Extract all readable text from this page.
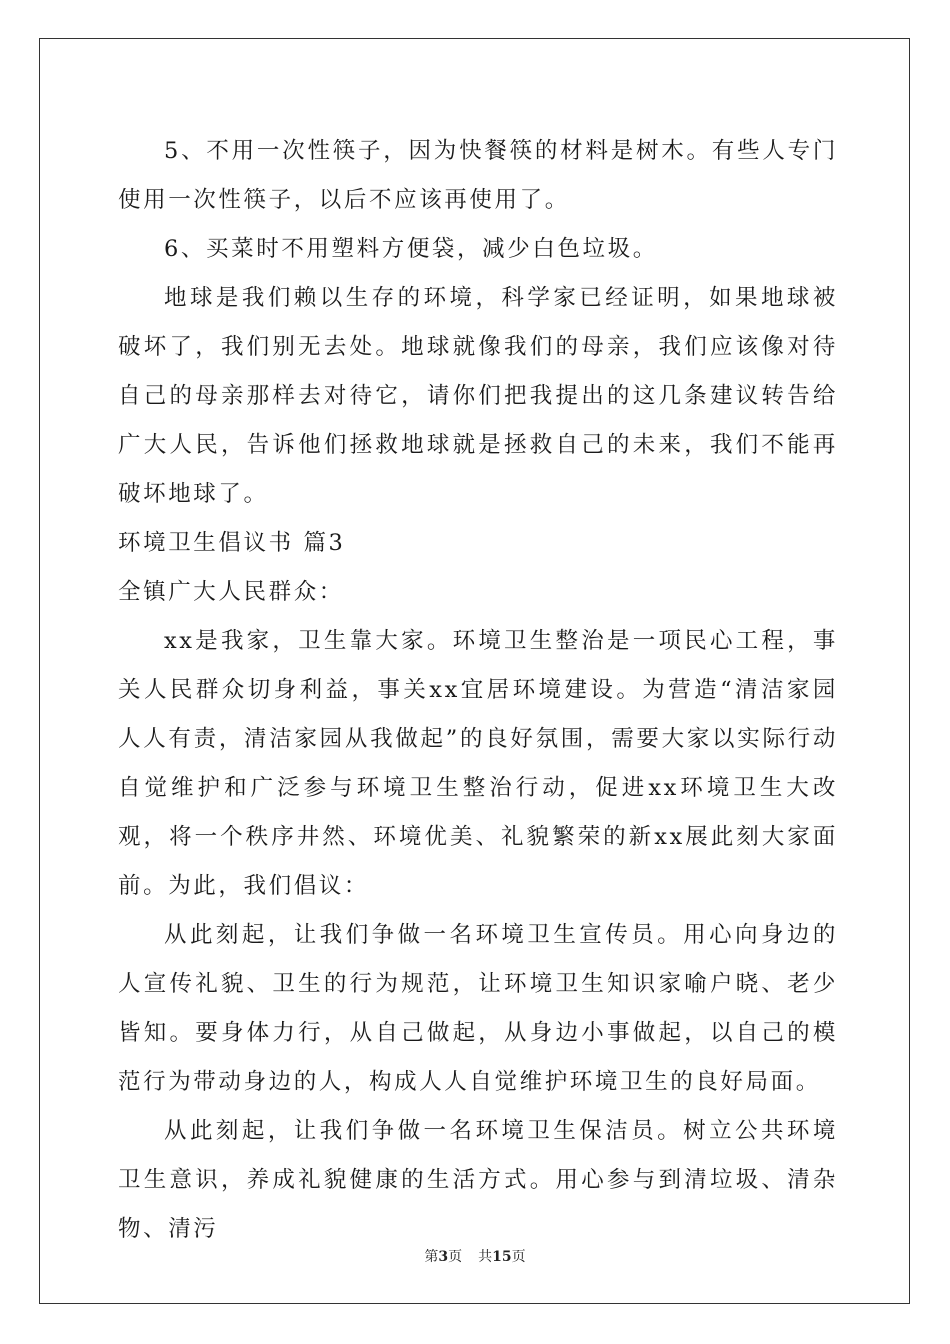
5、不用一次性筷子，因为快餐筷的材料是树木。有些人专门使用一次性筷子，以后不应该再使用了。

6、买菜时不用塑料方便袋，减少白色垃圾。

地球是我们赖以生存的环境，科学家已经证明，如果地球被破坏了，我们别无去处。地球就像我们的母亲，我们应该像对待自己的母亲那样去对待它，请你们把我提出的这几条建议转告给广大人民，告诉他们拯救地球就是拯救自己的未来，我们不能再破坏地球了。

环境卫生倡议书 篇3

全镇广大人民群众：

xx是我家，卫生靠大家。环境卫生整治是一项民心工程，事关人民群众切身利益，事关xx宜居环境建设。为营造“清洁家园人人有责，清洁家园从我做起”的良好氛围，需要大家以实际行动自觉维护和广泛参与环境卫生整治行动，促进xx环境卫生大改观，将一个秩序井然、环境优美、礼貌繁荣的新xx展此刻大家面前。为此，我们倡议：

从此刻起，让我们争做一名环境卫生宣传员。用心向身边的人宣传礼貌、卫生的行为规范，让环境卫生知识家喻户晓、老少皆知。要身体力行，从自己做起，从身边小事做起，以自己的模范行为带动身边的人，构成人人自觉维护环境卫生的良好局面。

从此刻起，让我们争做一名环境卫生保洁员。树立公共环境卫生意识，养成礼貌健康的生活方式。用心参与到清垃圾、清杂物、清污

第3页 共15页
